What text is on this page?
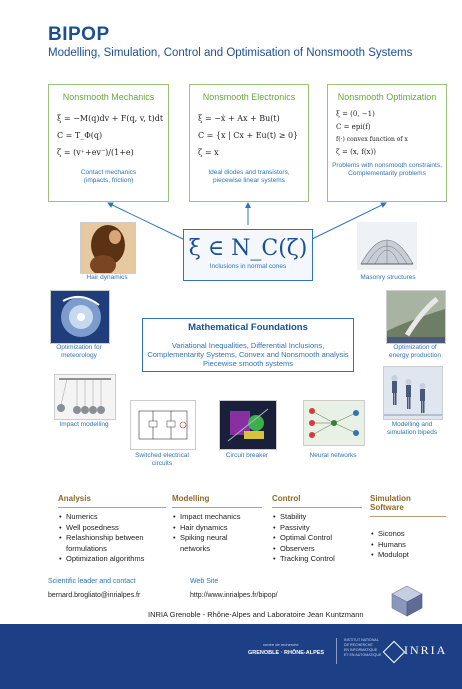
BIPOP
Modelling, Simulation, Control and Optimisation of Nonsmooth Systems
Nonsmooth Mechanics
ξ = −M(q)dv + F(q, v, t)dt
C = T_Φ(q)
ζ = (v⁺+ev⁻)/(1+e)
Contact mechanics
(impacts, friction)
Nonsmooth Electronics
ξ = −ẋ + Ax + Bu(t)
C = {x | Cx + Eu(t) ≥ 0}
ζ = x
Ideal diodes and transistors,
piecewise linear systems
Nonsmooth Optimization
ξ = (0, −1)
C = epi(f)
f(·) convex function of x
ζ = (x, f(x))
Problems with nonsmooth constraints,
Complementarity problems
ξ ∈ N_C(ζ)
Inclusions in normal cones
Hair dynamics	Masonry structures
Optimization for
meteorology
Optimization of
energy production
Mathematical Foundations
Variational Inequalities, Differential Inclusions,
Complementarity Systems, Convex and Nonsmooth analysis
Piecewise smooth systems
Impact modelling
Switched electrical
circuits
Circuit breaker	Neural networks
Modelling and
simulation bipeds
Analysis
• Numerics
• Well posedness
• Relashionship between
formulations
• Optimization algorithms
Modelling
• Impact mechanics
• Hair dynamics
• Spiking neural
networks
Control
• Stability
• Passivity
• Optimal Control
• Observers
• Tracking Control
Simulation Software
• Siconos
• Humans
• Modulopt
Scientific leader and contact
bernard.brogliato@inrialpes.fr
Web Site
http://www.inrialpes.fr/bipop/
INRIA Grenoble - Rhône-Alpes and Laboratoire Jean Kuntzmann
centre de recherche
GRENOBLE · RHÔNE-ALPES
INSTITUT NATIONAL
DE RECHERCHE
EN INFORMATIQUE
ET EN AUTOMATIQUE INRIA
